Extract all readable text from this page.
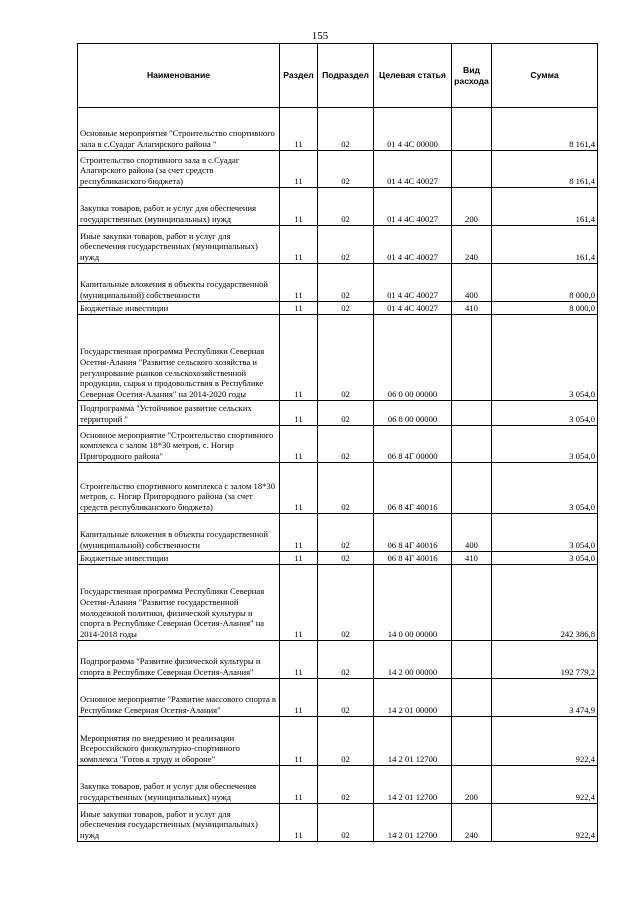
155
Наименование	Раздел	Подраздел	Целевая статья	Вид расхода	Сумма
Основные мероприятия "Строительство спортивного зала в с.Суадаг Алагирского района "	11	02	01 4 4С 00000		8 161,4
Строительство спортивного зала в с.Суадаг Алагирского района (за счет средств республиканского бюджета)	11	02	01 4 4С 40027		8 161,4
Закупка товаров, работ и услуг для обеспечения государственных (муниципальных) нужд	11	02	01 4 4С 40027	200	161,4
Иные закупки товаров, работ и услуг для обеспечения государственных (муниципальных) нужд	11	02	01 4 4С 40027	240	161,4
Капитальные вложения в объекты государственной (муниципальной) собственности	11	02	01 4 4С 40027	400	8 000,0
Бюджетные инвестиции	11	02	01 4 4С 40027	410	8 000,0
Государственная программа Республики Северная Осетия-Алания "Развитие сельского хозяйства и регулирование рынков сельскохозяйственной продукции, сырья и продовольствия в Республике Северная Осетия-Алания" на 2014-2020 годы	11	02	06 0 00 00000		3 054,0
Подпрограмма "Устойчивое развитие сельских территорий "	11	02	06 8 00 00000		3 054,0
Основное мероприятие "Строительство спортивного комплекса с залом 18*30 метров, с. Ногир Пригородного района"	11	02	06 8 4Г 00000		3 054,0
Строительство спортивного комплекса с залом 18*30 метров, с. Ногир Пригородного района (за счет средств республиканского бюджета)	11	02	06 8 4Г 40016		3 054,0
Капитальные вложения в объекты государственной (муниципальной) собственности	11	02	06 8 4Г 40016	400	3 054,0
Бюджетные инвестиции	11	02	06 8 4Г 40016	410	3 054,0
Государственная программа Республики Северная Осетия-Алания "Развитие государственной молодежной политики, физической культуры и спорта в Республике Северная Осетия-Алания" на 2014-2018 годы	11	02	14 0 00 00000		242 386,8
Подпрограмма "Развитие физической культуры и спорта в Республике Северная Осетия-Алания"	11	02	14 2 00 00000		192 779,2
Основное мероприятие "Развитие массового спорта в Республике Северная Осетия-Алания"	11	02	14 2 01 00000		3 474,9
Мероприятия по внедрению и реализации Всероссийского физкультурно-спортивного комплекса "Готов к труду и обороне"	11	02	14 2 01 12700		922,4
Закупка товаров, работ и услуг для обеспечения государственных (муниципальных) нужд	11	02	14 2 01 12700	200	922,4
Иные закупки товаров, работ и услуг для обеспечения государственных (муниципальных) нужд	11	02	14 2 01 12700	240	922,4
